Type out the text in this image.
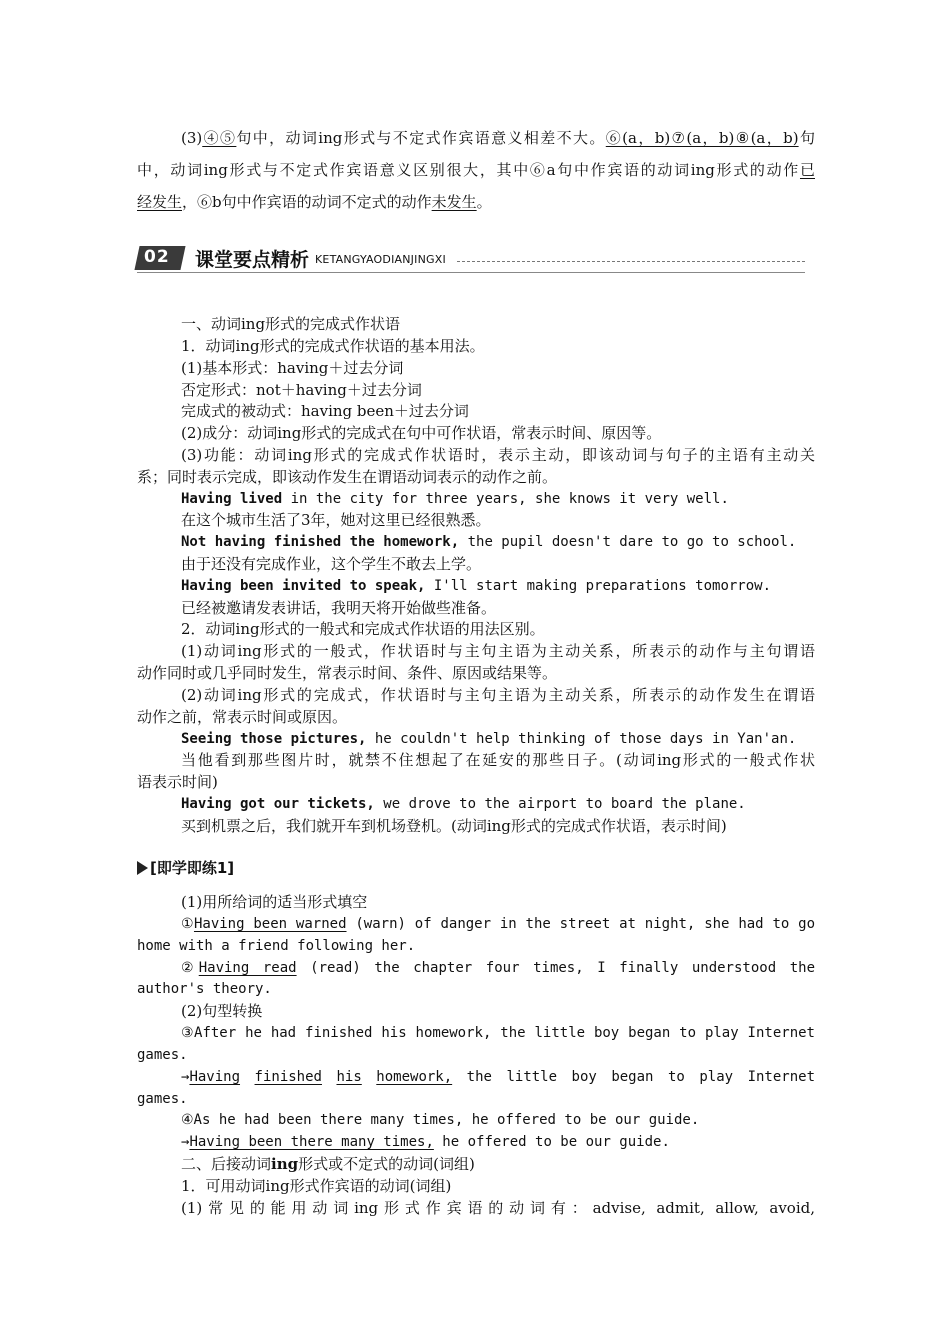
(3)④⑤句中，动词ing形式与不定式作宾语意义相差不大。⑥(a，b)⑦(a，b)⑧(a，b)句
中，动词ing形式与不定式作宾语意义区别很大，其中⑥a句中作宾语的动词ing形式的动作已
经发生，⑥b句中作宾语的动词不定式的动作未发生。
02	课堂要点精析 KETANGYAODIANJINGXI
一、动词ing形式的完成式作状语
1．动词ing形式的完成式作状语的基本用法。
(1)基本形式：having＋过去分词
否定形式：not＋having＋过去分词
完成式的被动式：having been＋过去分词
(2)成分：动词ing形式的完成式在句中可作状语，常表示时间、原因等。
(3)功能：动词ing形式的完成式作状语时，表示主动，即该动词与句子的主语有主动关
系；同时表示完成，即该动作发生在谓语动词表示的动作之前。
Having lived in the city for three years, she knows it very well.
在这个城市生活了3年，她对这里已经很熟悉。
Not having finished the homework, the pupil doesn't dare to go to school.
由于还没有完成作业，这个学生不敢去上学。
Having been invited to speak, I'll start making preparations tomorrow.
已经被邀请发表讲话，我明天将开始做些准备。
2．动词ing形式的一般式和完成式作状语的用法区别。
(1)动词ing形式的一般式，作状语时与主句主语为主动关系，所表示的动作与主句谓语
动作同时或几乎同时发生，常表示时间、条件、原因或结果等。
(2)动词ing形式的完成式，作状语时与主句主语为主动关系，所表示的动作发生在谓语
动作之前，常表示时间或原因。
Seeing those pictures, he couldn't help thinking of those days in Yan'an.
当他看到那些图片时，就禁不住想起了在延安的那些日子。(动词ing形式的一般式作状
语表示时间)
Having got our tickets, we drove to the airport to board the plane.
买到机票之后，我们就开车到机场登机。(动词ing形式的完成式作状语，表示时间)
[即学即练1]
(1)用所给词的适当形式填空
①Having been warned (warn) of danger in the street at night, she had to go
home with a friend following her.
②Having read (read) the chapter four times, I finally understood the
author's theory.
(2)句型转换
③After he had finished his homework, the little boy began to play Internet
games.
→Having finished his homework, the little boy began to play Internet
games.
④As he had been there many times, he offered to be our guide.
→Having been there many times, he offered to be our guide.
二、后接动词ing形式或不定式的动词(词组)
1．可用动词ing形式作宾语的动词(词组)
(1)常见的能用动词ing形式作宾语的动词有：advise, admit, allow, avoid,
